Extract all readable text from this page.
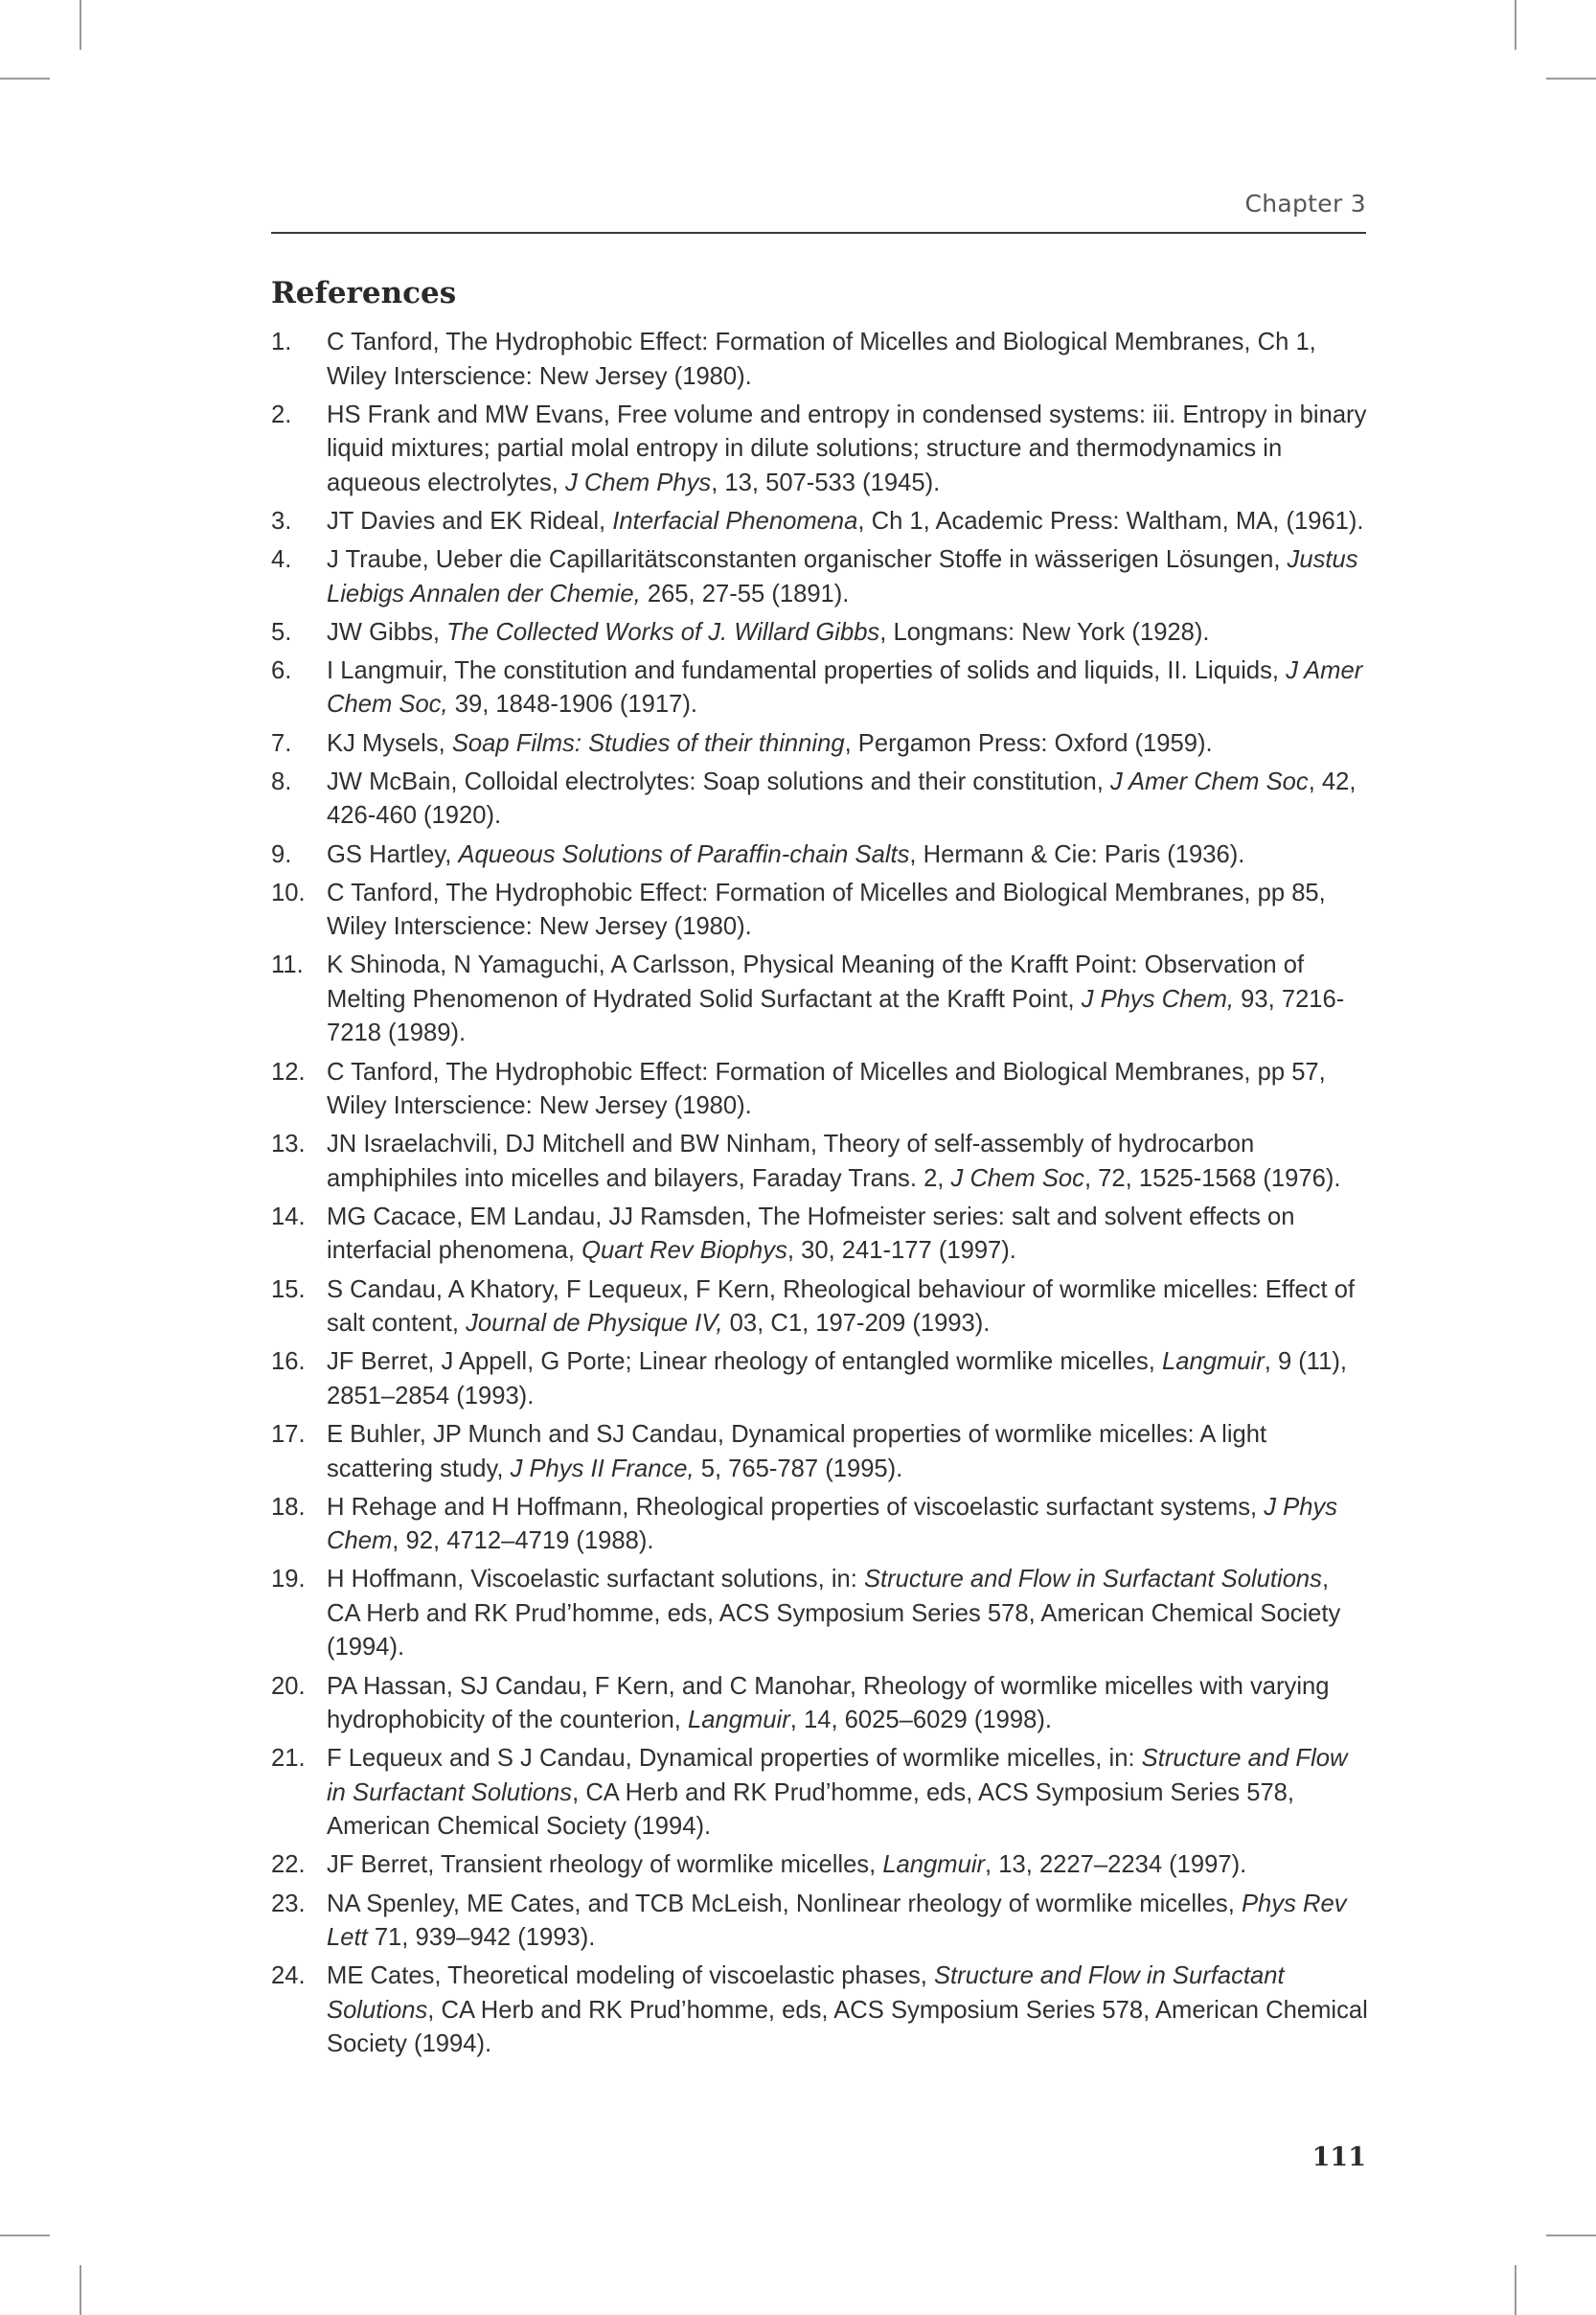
Chapter 3
References
1. C Tanford, The Hydrophobic Effect: Formation of Micelles and Biological Membranes, Ch 1, Wiley Interscience: New Jersey (1980).
2. HS Frank and MW Evans, Free volume and entropy in condensed systems: iii. Entropy in binary liquid mixtures; partial molal entropy in dilute solutions; structure and thermodynamics in aqueous electrolytes, J Chem Phys, 13, 507-533 (1945).
3. JT Davies and EK Rideal, Interfacial Phenomena, Ch 1, Academic Press: Waltham, MA, (1961).
4. J Traube, Ueber die Capillaritätsconstanten organischer Stoffe in wässerigen Lösungen, Justus Liebigs Annalen der Chemie, 265, 27-55 (1891).
5. JW Gibbs, The Collected Works of J. Willard Gibbs, Longmans: New York (1928).
6. I Langmuir, The constitution and fundamental properties of solids and liquids, II. Liquids, J Amer Chem Soc, 39, 1848-1906 (1917).
7. KJ Mysels, Soap Films: Studies of their thinning, Pergamon Press: Oxford (1959).
8. JW McBain, Colloidal electrolytes: Soap solutions and their constitution, J Amer Chem Soc, 42, 426-460 (1920).
9. GS Hartley, Aqueous Solutions of Paraffin-chain Salts, Hermann & Cie: Paris (1936).
10. C Tanford, The Hydrophobic Effect: Formation of Micelles and Biological Membranes, pp 85, Wiley Interscience: New Jersey (1980).
11. K Shinoda, N Yamaguchi, A Carlsson, Physical Meaning of the Krafft Point: Observation of Melting Phenomenon of Hydrated Solid Surfactant at the Krafft Point, J Phys Chem, 93, 7216-7218 (1989).
12. C Tanford, The Hydrophobic Effect: Formation of Micelles and Biological Membranes, pp 57, Wiley Interscience: New Jersey (1980).
13. JN Israelachvili, DJ Mitchell and BW Ninham, Theory of self-assembly of hydrocarbon amphiphiles into micelles and bilayers, Faraday Trans. 2, J Chem Soc, 72, 1525-1568 (1976).
14. MG Cacace, EM Landau, JJ Ramsden, The Hofmeister series: salt and solvent effects on interfacial phenomena, Quart Rev Biophys, 30, 241-177 (1997).
15. S Candau, A Khatory, F Lequeux, F Kern, Rheological behaviour of wormlike micelles: Effect of salt content, Journal de Physique IV, 03, C1, 197-209 (1993).
16. JF Berret, J Appell, G Porte; Linear rheology of entangled wormlike micelles, Langmuir, 9 (11), 2851–2854 (1993).
17. E Buhler, JP Munch and SJ Candau, Dynamical properties of wormlike micelles: A light scattering study, J Phys II France, 5, 765-787 (1995).
18. H Rehage and H Hoffmann, Rheological properties of viscoelastic surfactant systems, J Phys Chem, 92, 4712–4719 (1988).
19. H Hoffmann, Viscoelastic surfactant solutions, in: Structure and Flow in Surfactant Solutions, CA Herb and RK Prud’homme, eds, ACS Symposium Series 578, American Chemical Society (1994).
20. PA Hassan, SJ Candau, F Kern, and C Manohar, Rheology of wormlike micelles with varying hydrophobicity of the counterion, Langmuir, 14, 6025–6029 (1998).
21. F Lequeux and S J Candau, Dynamical properties of wormlike micelles, in: Structure and Flow in Surfactant Solutions, CA Herb and RK Prud’homme, eds, ACS Symposium Series 578, American Chemical Society (1994).
22. JF Berret, Transient rheology of wormlike micelles, Langmuir, 13, 2227–2234 (1997).
23. NA Spenley, ME Cates, and TCB McLeish, Nonlinear rheology of wormlike micelles, Phys Rev Lett 71, 939–942 (1993).
24. ME Cates, Theoretical modeling of viscoelastic phases, Structure and Flow in Surfactant Solutions, CA Herb and RK Prud’homme, eds, ACS Symposium Series 578, American Chemical Society (1994).
111
